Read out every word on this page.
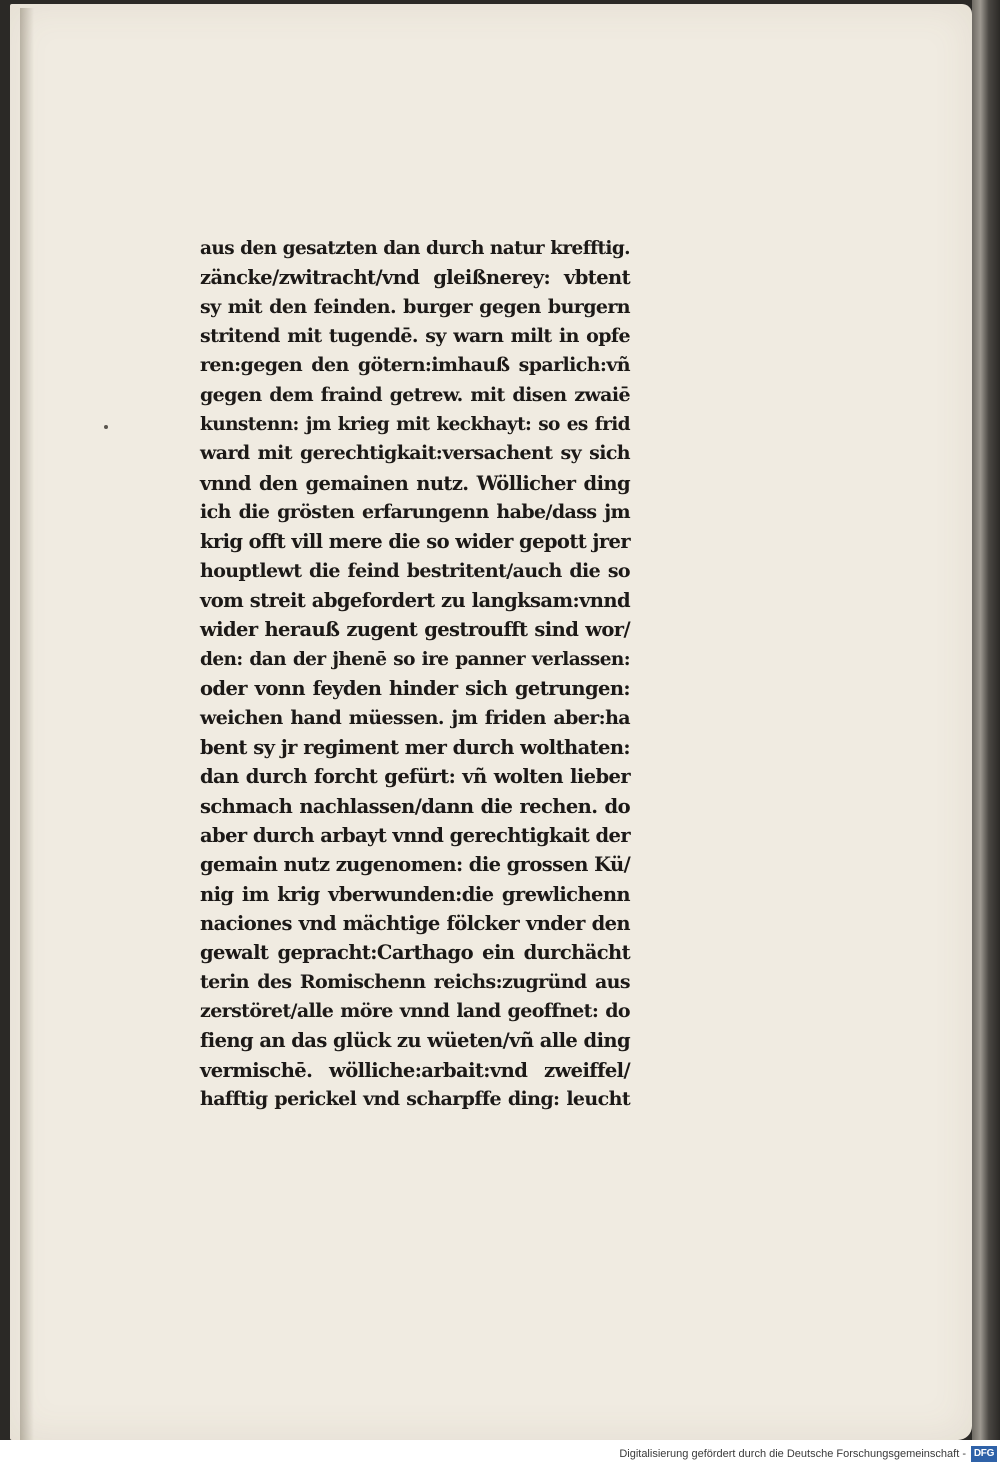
aus den gesatzten dan durch natur krefftig.
zäncke/zwitracht/vnd gleißnerey: vbtent
sy mit den feinden. burger gegen burgern
stritend mit tugendē. sy warn milt in opfe
ren:gegen den götern:imhauß sparlich:vñ
gegen dem fraind getrew. mit disen zwaiē
kunstenn: jm krieg mit keckhayt: so es frid
ward mit gerechtigkait:versachent sy sich
vnnd den gemainen nutz. Wöllicher ding
ich die grösten erfarungenn habe/dass jm
krig offt vill mere die so wider gepott jrer
houptlewt die feind bestritent/auch die so
vom streit abgefordert zu langksam:vnnd
wider herauß zugent gestroufft sind wor/
den: dan der jhenē so ire panner verlassen:
oder vonn feyden hinder sich getrungen:
weichen hand müessen. jm friden aber:ha
bent sy jr regiment mer durch wolthaten:
dan durch forcht gefürt: vñ wolten lieber
schmach nachlassen/dann die rechen. do
aber durch arbayt vnnd gerechtigkait der
gemain nutz zugenomen: die grossen Kü/
nig im krig vberwunden:die grewlichenn
naciones vnd mächtige fölcker vnder den
gewalt gepracht:Carthago ein durchächt
terin des Romischenn reichs:zugründ aus
zerstöret/alle möre vnnd land geoffnet: do
fieng an das glück zu wüeten/vñ alle ding
vermischē. wölliche:arbait:vnd zweiffel/
hafftig perickel vnd scharpffe ding: leucht
Digitalisierung gefördert durch die Deutsche Forschungsgemeinschaft - DFG
